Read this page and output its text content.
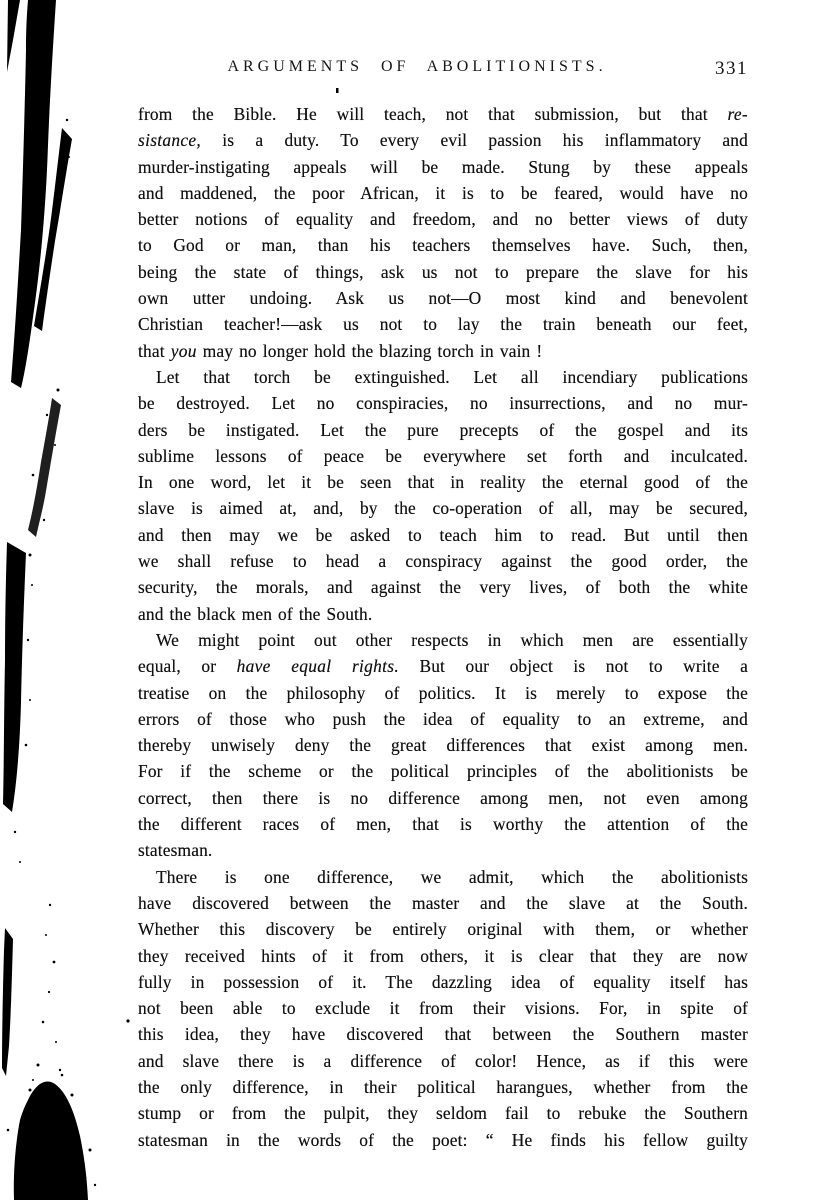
ARGUMENTS OF ABOLITIONISTS.	331
from the Bible. He will teach, not that submission, but that re-
sistance, is a duty. To every evil passion his inflammatory and
murder-instigating appeals will be made. Stung by these appeals
and maddened, the poor African, it is to be feared, would have no
better notions of equality and freedom, and no better views of duty
to God or man, than his teachers themselves have. Such, then,
being the state of things, ask us not to prepare the slave for his
own utter undoing. Ask us not—O most kind and benevolent
Christian teacher!—ask us not to lay the train beneath our feet,
that you may no longer hold the blazing torch in vain !
Let that torch be extinguished. Let all incendiary publications
be destroyed. Let no conspiracies, no insurrections, and no mur-
ders be instigated. Let the pure precepts of the gospel and its
sublime lessons of peace be everywhere set forth and inculcated.
In one word, let it be seen that in reality the eternal good of the
slave is aimed at, and, by the co-operation of all, may be secured,
and then may we be asked to teach him to read. But until then
we shall refuse to head a conspiracy against the good order, the
security, the morals, and against the very lives, of both the white
and the black men of the South.
We might point out other respects in which men are essentially
equal, or have equal rights. But our object is not to write a
treatise on the philosophy of politics. It is merely to expose the
errors of those who push the idea of equality to an extreme, and
thereby unwisely deny the great differences that exist among men.
For if the scheme or the political principles of the abolitionists be
correct, then there is no difference among men, not even among
the different races of men, that is worthy the attention of the
statesman.
There is one difference, we admit, which the abolitionists
have discovered between the master and the slave at the South.
Whether this discovery be entirely original with them, or whether
they received hints of it from others, it is clear that they are now
fully in possession of it. The dazzling idea of equality itself has
not been able to exclude it from their visions. For, in spite of
this idea, they have discovered that between the Southern master
and slave there is a difference of color! Hence, as if this were
the only difference, in their political harangues, whether from the
stump or from the pulpit, they seldom fail to rebuke the Southern
statesman in the words of the poet: “ He finds his fellow guilty
